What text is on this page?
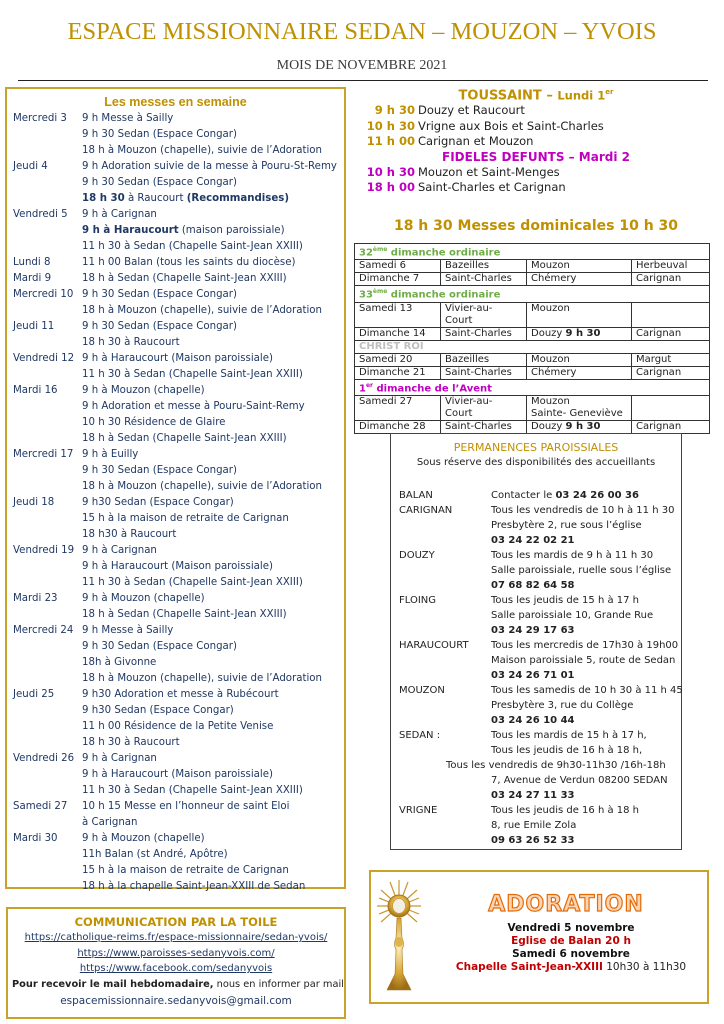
ESPACE MISSIONNAIRE SEDAN – MOUZON – YVOIS
MOIS DE NOVEMBRE 2021
Les messes en semaine
Mercredi 3	9 h Messe à Sailly
9 h 30 Sedan (Espace Congar)
18 h à Mouzon (chapelle), suivie de l’Adoration
Jeudi 4	9 h Adoration suivie de la messe à Pouru-St-Remy
9 h 30 Sedan (Espace Congar)
18 h 30 à Raucourt (Recommandises)
Vendredi 5	9 h à Carignan
9 h à Haraucourt (maison paroissiale)
11 h 30 à Sedan (Chapelle Saint-Jean XXIII)
Lundi 8	11 h 00 Balan (tous les saints du diocèse)
Mardi 9	18 h à Sedan (Chapelle Saint-Jean XXIII)
Mercredi 10 9 h 30 Sedan (Espace Congar)
18 h à Mouzon (chapelle), suivie de l’Adoration
Jeudi 11	9 h 30 Sedan (Espace Congar)
18 h 30 à Raucourt
Vendredi 12 9 h à Haraucourt (Maison paroissiale)
11 h 30 à Sedan (Chapelle Saint-Jean XXIII)
Mardi 16	9 h à Mouzon (chapelle)
9 h Adoration et messe à Pouru-Saint-Remy
10 h 30 Résidence de Glaire
18 h à Sedan (Chapelle Saint-Jean XXIII)
Mercredi 17 9 h à Euilly
9 h 30 Sedan (Espace Congar)
18 h à Mouzon (chapelle), suivie de l’Adoration
Jeudi 18	9 h30 Sedan (Espace Congar)
15 h à la maison de retraite de Carignan
18 h30 à Raucourt
Vendredi 19 9 h à Carignan
9 h à Haraucourt (Maison paroissiale)
11 h 30 à Sedan (Chapelle Saint-Jean XXIII)
Mardi 23	9 h à Mouzon (chapelle)
18 h à Sedan (Chapelle Saint-Jean XXIII)
Mercredi 24 9 h Messe à Sailly
9 h 30 Sedan (Espace Congar)
18h à Givonne
18 h à Mouzon (chapelle), suivie de l’Adoration
Jeudi 25	9 h30 Adoration et messe à Rubécourt
9 h30 Sedan (Espace Congar)
11 h 00 Résidence de la Petite Venise
18 h 30 à Raucourt
Vendredi 26 9 h à Carignan
9 h à Haraucourt (Maison paroissiale)
11 h 30 à Sedan (Chapelle Saint-Jean XXIII)
Samedi 27	10 h 15 Messe en l’honneur de saint Eloi
à Carignan
Mardi 30	9 h à Mouzon (chapelle)
11h Balan (st André, Apôtre)
15 h à la maison de retraite de Carignan
18 h à la chapelle Saint-Jean-XXIII de Sedan
TOUSSAINT – Lundi 1er
9 h 30 Douzy et Raucourt
10 h 30 Vrigne aux Bois et Saint-Charles
11 h 00 Carignan et Mouzon
FIDELES DEFUNTS – Mardi 2
10 h 30 Mouzon et Saint-Menges
18 h 00 Saint-Charles et Carignan
18 h 30 Messes dominicales 10 h 30
32ème dimanche ordinaire			
Samedi 6	Bazeilles	Mouzon	Herbeuval
Dimanche 7	Saint-Charles	Chémery	Carignan
33ème dimanche ordinaire			
Samedi 13	Vivier-au-
Court	Mouzon	
Dimanche 14	Saint-Charles	Douzy 9 h 30	Carignan
CHRIST ROI			
Samedi 20	Bazeilles	Mouzon	Margut
Dimanche 21	Saint-Charles	Chémery	Carignan
1er dimanche de l’Avent			
Samedi 27	Vivier-au-
Court	Mouzon
Sainte- Geneviève	
Dimanche 28	Saint-Charles	Douzy 9 h 30	Carignan
PERMANENCES PAROISSIALES
Sous réserve des disponibilités des accueillants
BALAN	Contacter le 03 24 26 00 36
CARIGNAN	Tous les vendredis de 10 h à 11 h 30
Presbytère 2, rue sous l’église
03 24 22 02 21
DOUZY	Tous les mardis de 9 h à 11 h 30
Salle paroissiale, ruelle sous l’église
07 68 82 64 58
FLOING	Tous les jeudis de 15 h à 17 h
Salle paroissiale 10, Grande Rue
03 24 29 17 63
HARAUCOURT	Tous les mercredis de 17h30 à 19h00
Maison paroissiale 5, route de Sedan
03 24 26 71 01
MOUZON	Tous les samedis de 10 h 30 à 11 h 45
Presbytère 3, rue du Collège
03 24 26 10 44
SEDAN :	Tous les mardis de 15 h à 17 h,
Tous les jeudis de 16 h à 18 h,
Tous les vendredis de 9h30-11h30 /16h-18h
7, Avenue de Verdun 08200 SEDAN
03 24 27 11 33
VRIGNE	Tous les jeudis de 16 h à 18 h
8, rue Emile Zola
09 63 26 52 33
COMMUNICATION PAR LA TOILE
https://catholique-reims.fr/espace-missionnaire/sedan-yvois/ https://www.paroisses-sedanyvois.com/
https://www.facebook.com/sedanyvois
Pour recevoir le mail hebdomadaire, nous en informer par mail
espacemissionnaire.sedanyvois@gmail.com
ADORATION
Vendredi 5 novembre
Eglise de Balan 20 h
Samedi 6 novembre
Chapelle Saint-Jean-XXIII 10h30 à 11h30
